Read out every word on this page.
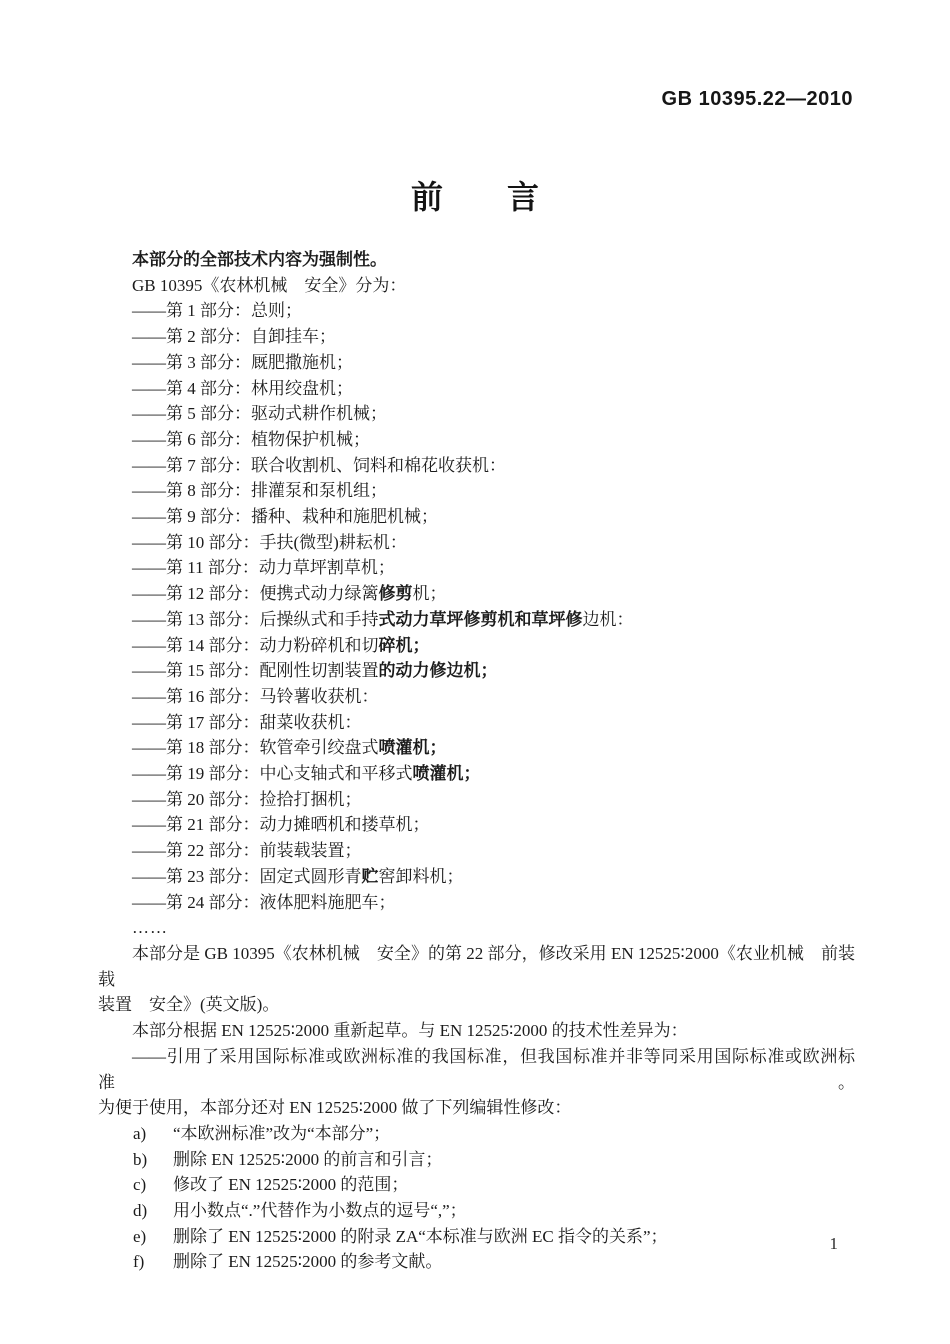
GB 10395.22—2010
前　　言
本部分的全部技术内容为强制性。
GB 10395《农林机械　安全》分为：
——第 1 部分：总则；
——第 2 部分：自卸挂车；
——第 3 部分：厩肥撒施机；
——第 4 部分：林用绞盘机；
——第 5 部分：驱动式耕作机械；
——第 6 部分：植物保护机械；
——第 7 部分：联合收割机、饲料和棉花收获机：
——第 8 部分：排灌泵和泵机组；
——第 9 部分：播种、栽种和施肥机械；
——第 10 部分：手扶(微型)耕耘机：
——第 11 部分：动力草坪割草机；
——第 12 部分：便携式动力绿篱修剪机；
——第 13 部分：后操纵式和手持式动力草坪修剪机和草坪修边机：
——第 14 部分：动力粉碎机和切碎机；
——第 15 部分：配刚性切割装置的动力修边机；
——第 16 部分：马铃薯收获机：
——第 17 部分：甜菜收获机：
——第 18 部分：软管牵引绞盘式喷灌机；
——第 19 部分：中心支轴式和平移式喷灌机；
——第 20 部分：捡拾打捆机；
——第 21 部分：动力摊晒机和搂草机；
——第 22 部分：前装载装置；
——第 23 部分：固定式圆形青贮窖卸料机；
——第 24 部分：液体肥料施肥车；
……
本部分是 GB 10395《农林机械　安全》的第 22 部分，修改采用 EN 12525∶2000《农业机械　前装载
装置　安全》(英文版)。
本部分根据 EN 12525∶2000 重新起草。与 EN 12525∶2000 的技术性差异为：
——引用了采用国际标准或欧洲标准的我国标准，但我国标准并非等同采用国际标准或欧洲标准。
为便于使用，本部分还对 EN 12525∶2000 做了下列编辑性修改：
a) “本欧洲标准”改为“本部分”；
b) 删除 EN 12525∶2000 的前言和引言；
c) 修改了 EN 12525∶2000 的范围；
d) 用小数点“.”代替作为小数点的逗号“,”；
e) 删除了 EN 12525∶2000 的附录 ZA“本标准与欧洲 EC 指令的关系”；
f) 删除了 EN 12525∶2000 的参考文献。
1
